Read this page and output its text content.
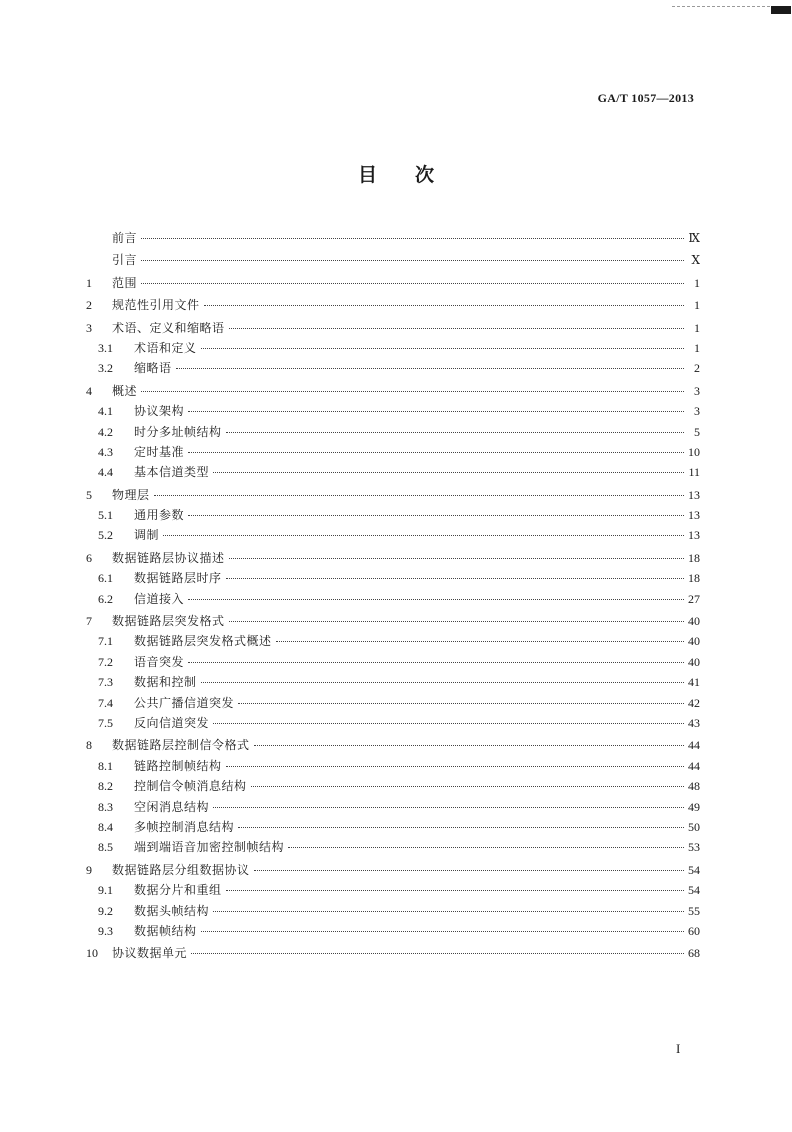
GA/T 1057—2013
目　　次
前言	Ⅸ
引言	Ⅹ
1	范围	1
2	规范性引用文件	1
3	术语、定义和缩略语	1
3.1	术语和定义	1
3.2	缩略语	2
4	概述	3
4.1	协议架构	3
4.2	时分多址帧结构	5
4.3	定时基准	10
4.4	基本信道类型	11
5	物理层	13
5.1	通用参数	13
5.2	调制	13
6	数据链路层协议描述	18
6.1	数据链路层时序	18
6.2	信道接入	27
7	数据链路层突发格式	40
7.1	数据链路层突发格式概述	40
7.2	语音突发	40
7.3	数据和控制	41
7.4	公共广播信道突发	42
7.5	反向信道突发	43
8	数据链路层控制信令格式	44
8.1	链路控制帧结构	44
8.2	控制信令帧消息结构	48
8.3	空闲消息结构	49
8.4	多帧控制消息结构	50
8.5	端到端语音加密控制帧结构	53
9	数据链路层分组数据协议	54
9.1	数据分片和重组	54
9.2	数据头帧结构	55
9.3	数据帧结构	60
10	协议数据单元	68
I
